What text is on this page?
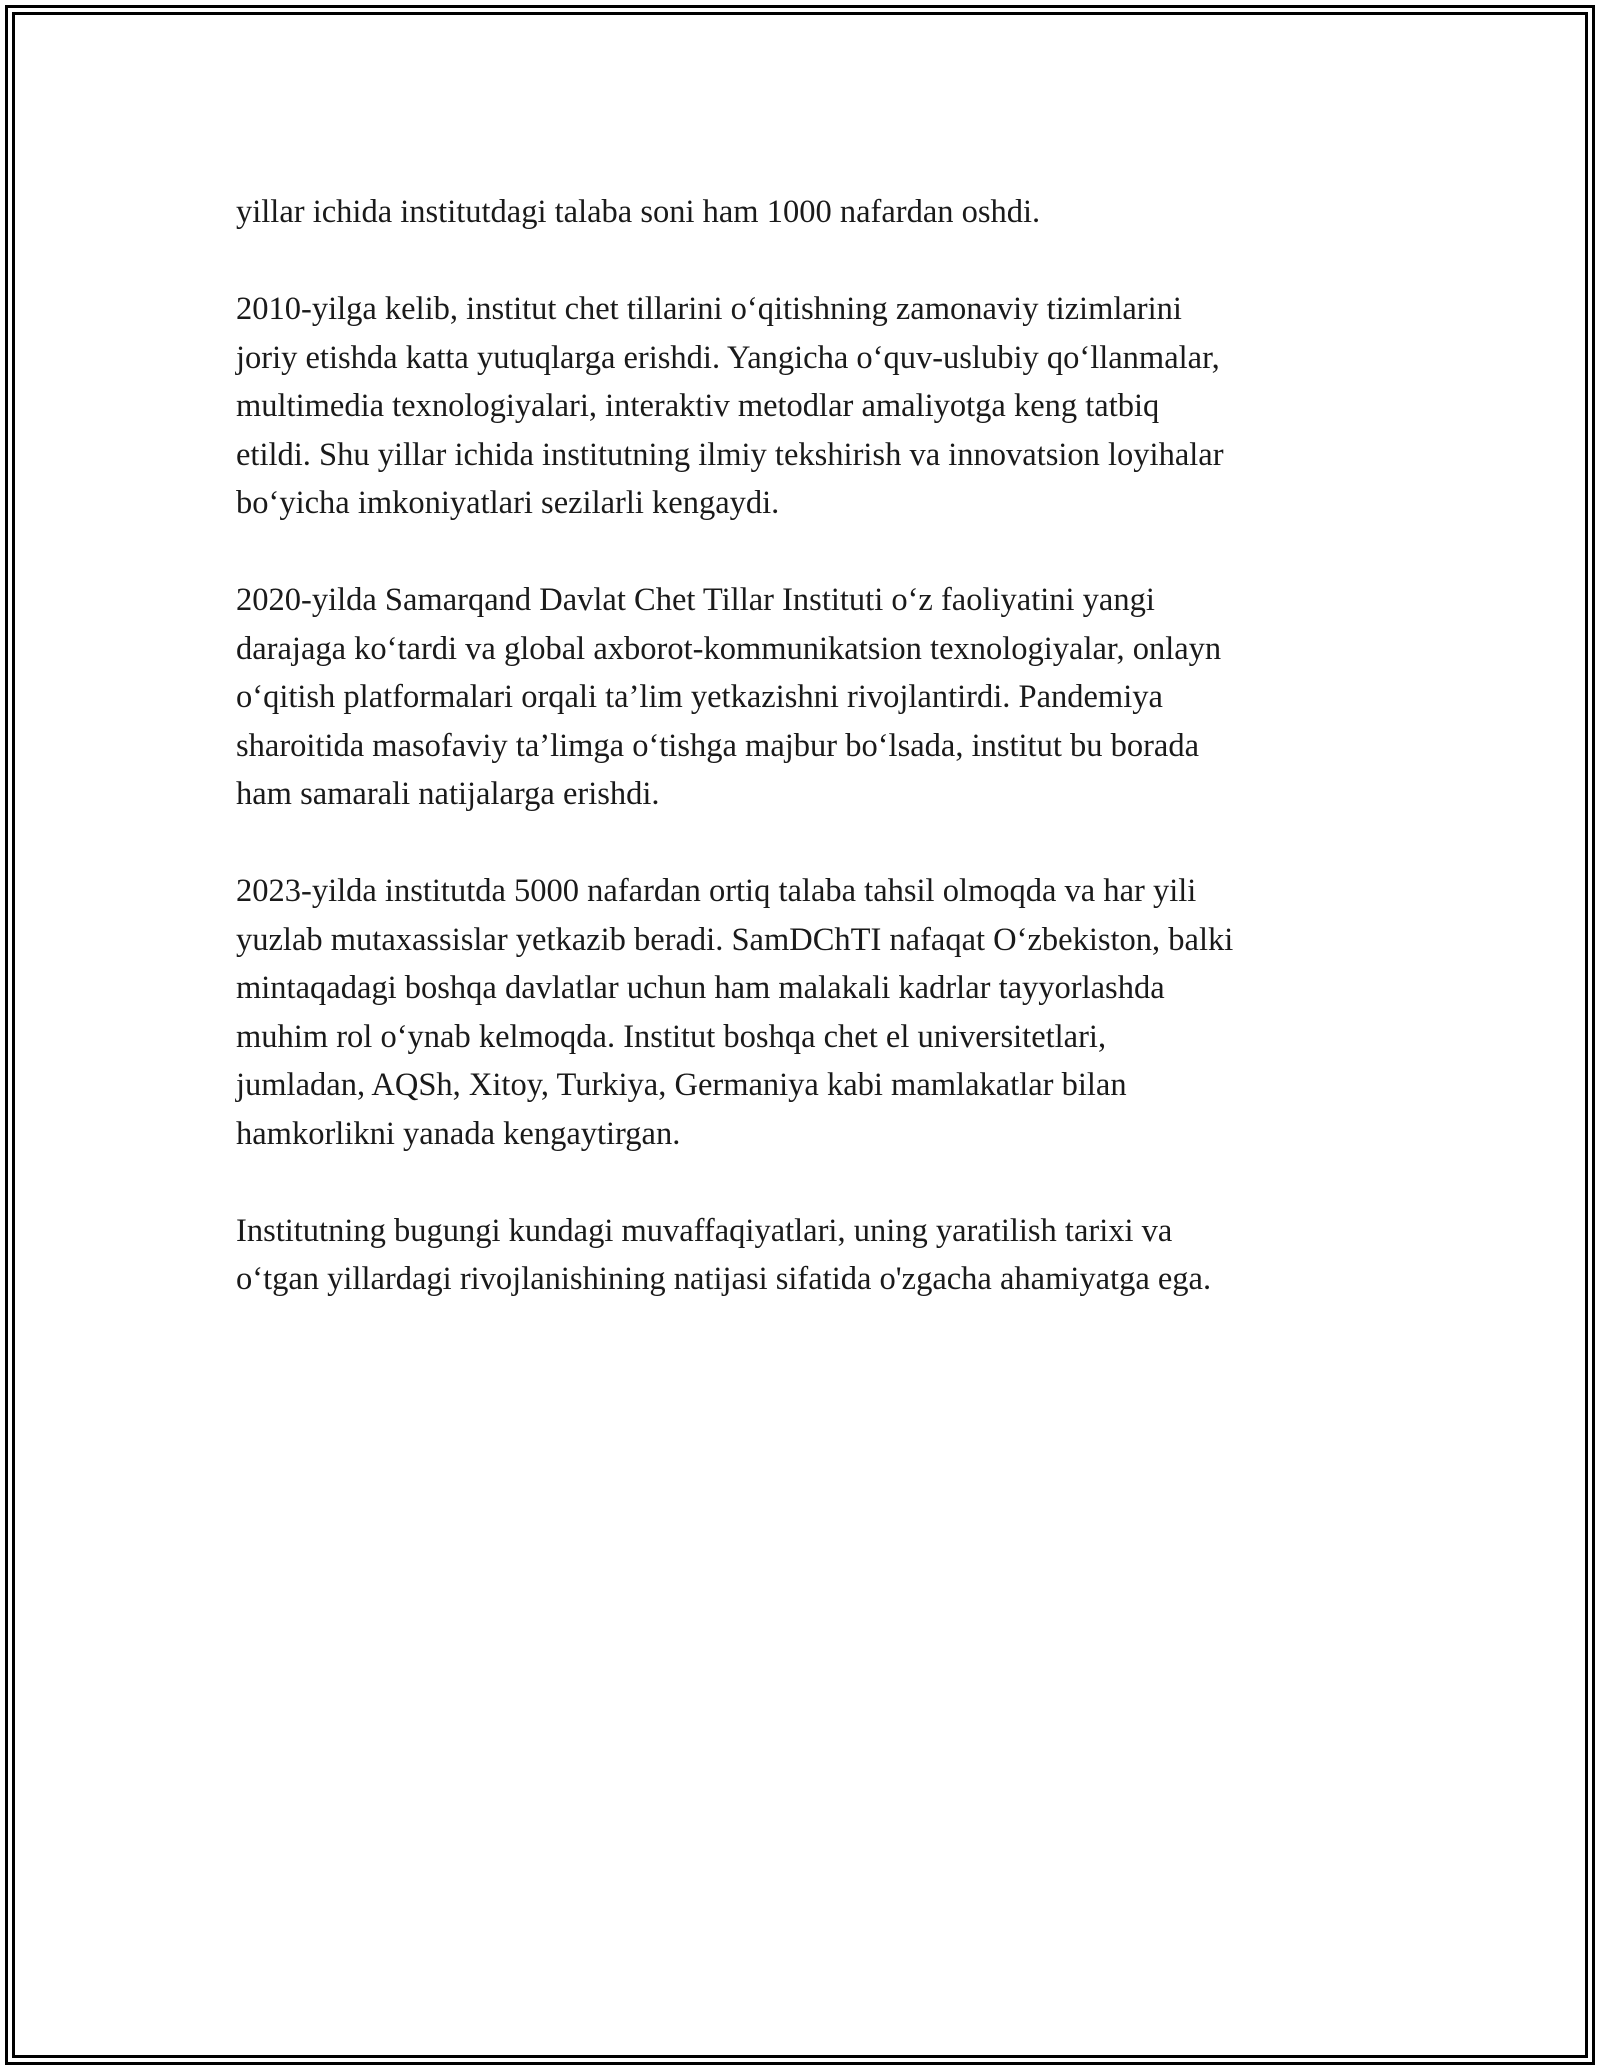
yillar ichida institutdagi talaba soni ham 1000 nafardan oshdi.

2010-yilga kelib, institut chet tillarini o‘qitishning zamonaviy tizimlarini
joriy etishda katta yutuqlarga erishdi. Yangicha o‘quv-uslubiy qo‘llanmalar,
multimedia texnologiyalari, interaktiv metodlar amaliyotga keng tatbiq
etildi. Shu yillar ichida institutning ilmiy tekshirish va innovatsion loyihalar
bo‘yicha imkoniyatlari sezilarli kengaydi.

2020-yilda Samarqand Davlat Chet Tillar Instituti o‘z faoliyatini yangi
darajaga ko‘tardi va global axborot-kommunikatsion texnologiyalar, onlayn
o‘qitish platformalari orqali ta’lim yetkazishni rivojlantirdi. Pandemiya
sharoitida masofaviy ta’limga o‘tishga majbur bo‘lsada, institut bu borada
ham samarali natijalarga erishdi.

2023-yilda institutda 5000 nafardan ortiq talaba tahsil olmoqda va har yili
yuzlab mutaxassislar yetkazib beradi. SamDChTI nafaqat O‘zbekiston, balki
mintaqadagi boshqa davlatlar uchun ham malakali kadrlar tayyorlashda
muhim rol o‘ynab kelmoqda. Institut boshqa chet el universitetlari,
jumladan, AQSh, Xitoy, Turkiya, Germaniya kabi mamlakatlar bilan
hamkorlikni yanada kengaytirgan.

Institutning bugungi kundagi muvaffaqiyatlari, uning yaratilish tarixi va
o‘tgan yillardagi rivojlanishining natijasi sifatida o'zgacha ahamiyatga ega.
